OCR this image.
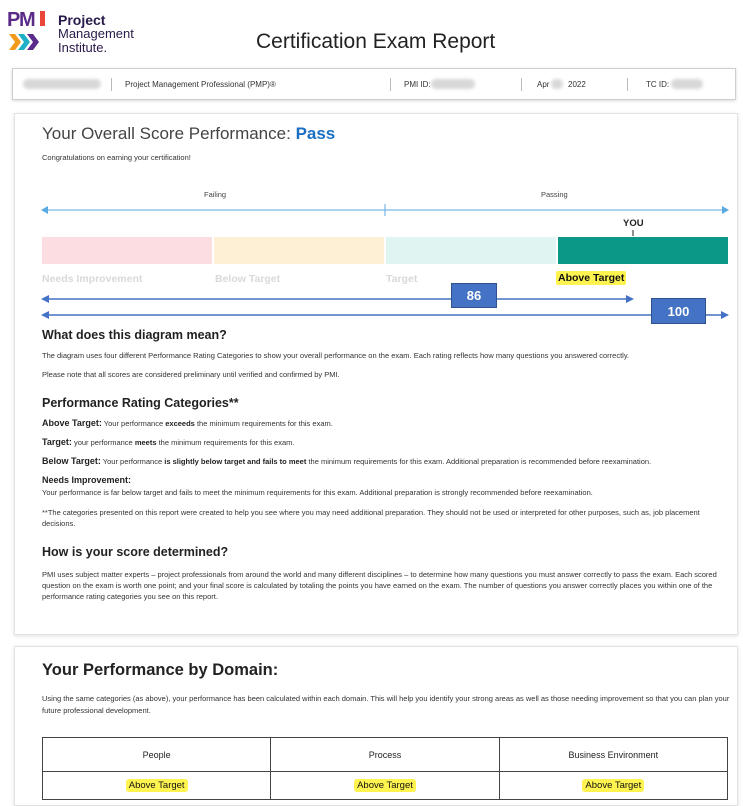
P
M Project
Management
Institute.	Certification Exam Report
Project Management Professional (PMP)®	PMI ID:	Apr 2022	TC ID:
Your Overall Score Performance: Pass
Congratulations on earning your certification!
Failing	Passing
YOU
Needs Improvement	Below Target	Target	Above Target
86
100
What does this diagram mean?
The diagram uses four different Performance Rating Categories to show your overall performance on the exam. Each rating reflects how many questions you answered correctly.
Please note that all scores are considered preliminary until verified and confirmed by PMI.
Performance Rating Categories**
Above Target: Your performance exceeds the minimum requirements for this exam.
Target: your performance meets the minimum requirements for this exam.
Below Target: Your performance is slightly below target and fails to meet the minimum requirements for this exam. Additional preparation is recommended before reexamination.
Needs Improvement:
Your performance is far below target and fails to meet the minimum requirements for this exam. Additional preparation is strongly recommended before reexamination.
**The categories presented on this report were created to help you see where you may need additional preparation. They should not be used or interpreted for other purposes, such as, job placement decisions.
How is your score determined?
PMI uses subject matter experts – project professionals from around the world and many different disciplines – to determine how many questions you must answer correctly to pass the exam. Each scored question on the exam is worth one point; and your final score is calculated by totaling the points you have earned on the exam. The number of questions you answer correctly places you within one of the performance rating categories you see on this report.
Your Performance by Domain:
Using the same categories (as above), your performance has been calculated within each domain. This will help you identify your strong areas as well as those needing improvement so that you can plan your future professional development.
People	Process	Business Environment
Above Target	Above Target	Above Target
